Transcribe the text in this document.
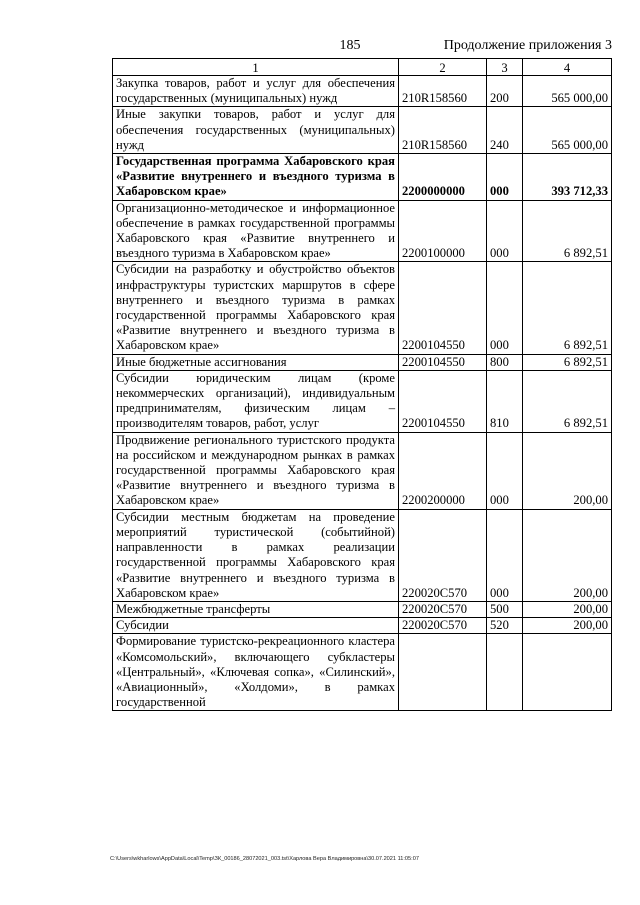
185	Продолжение приложения 3
1	2	3	4
Закупка товаров, работ и услуг для обеспечения государственных (муниципальных) нужд	210R158560	200	565 000,00
Иные закупки товаров, работ и услуг для обеспечения государственных (муниципальных) нужд	210R158560	240	565 000,00
Государственная программа Хабаровского края «Развитие внутреннего и въездного туризма в Хабаровском крае»	2200000000	000	393 712,33
Организационно-методическое и информационное обеспечение в рамках государственной программы Хабаровского края «Развитие внутреннего и въездного туризма в Хабаровском крае»	2200100000	000	6 892,51
Субсидии на разработку и обустройство объектов инфраструктуры туристских маршрутов в сфере внутреннего и въездного туризма в рамках государственной программы Хабаровского края «Развитие внутреннего и въездного туризма в Хабаровском крае»	2200104550	000	6 892,51
Иные бюджетные ассигнования	2200104550	800	6 892,51
Субсидии юридическим лицам (кроме некоммерческих организаций), индивидуальным предпринимателям, физическим лицам – производителям товаров, работ, услуг	2200104550	810	6 892,51
Продвижение регионального туристского продукта на российском и международном рынках в рамках государственной программы Хабаровского края «Развитие внутреннего и въездного туризма в Хабаровском крае»	2200200000	000	200,00
Субсидии местным бюджетам на проведение мероприятий туристической (событийной) направленности в рамках реализации государственной программы Хабаровского края «Развитие внутреннего и въездного туризма в Хабаровском крае»	220020С570	000	200,00
Межбюджетные трансферты	220020С570	500	200,00
Субсидии	220020С570	520	200,00
Формирование туристско-рекреационного кластера «Комсомольский», включающего субкластеры «Центральный», «Ключевая сопка», «Силинский», «Авиационный», «Холдоми», в рамках государственной			
C:\Users\wkharlows\AppData\Local\Temp\ЗК_00186_28072021_003.tst\Харлова Вера Владимировна\30.07.2021 11:05:07
